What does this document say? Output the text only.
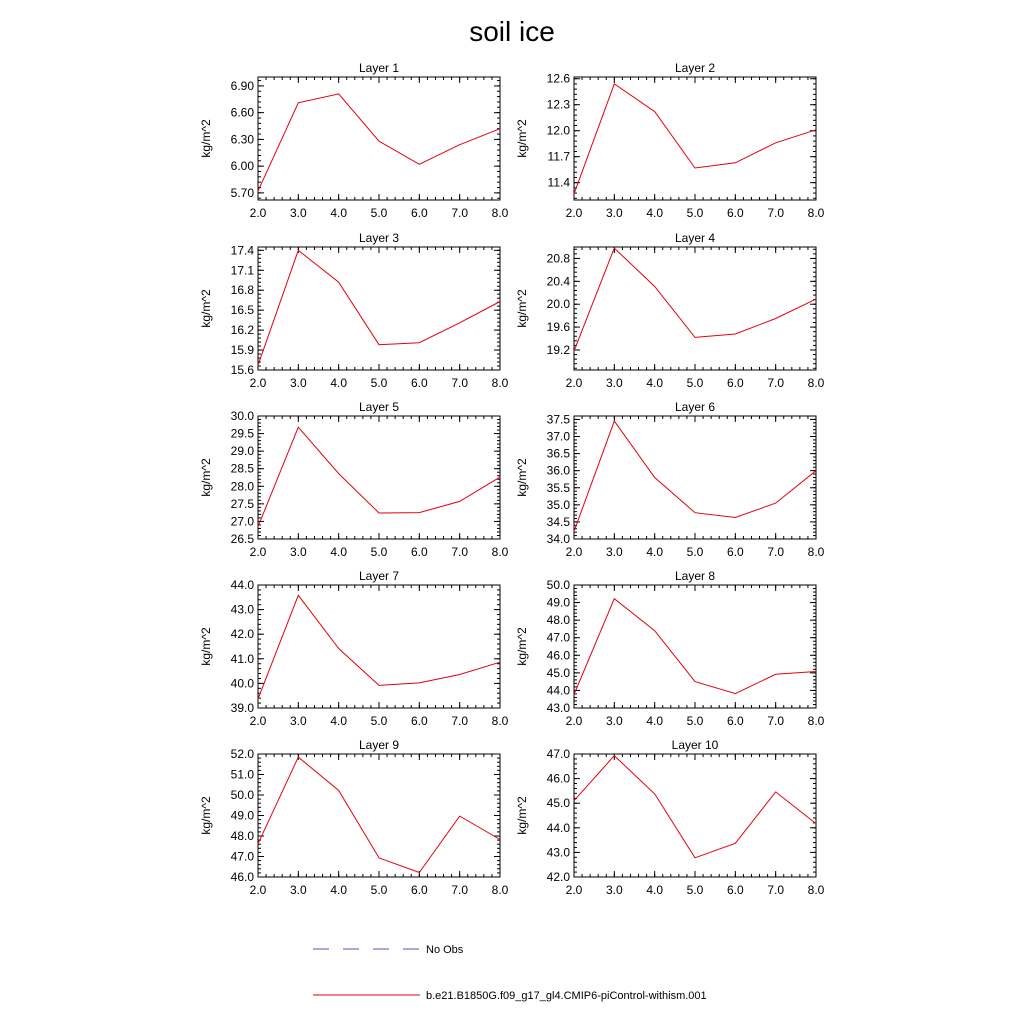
soil ice
Layer 1
kg/m^2
2.0 3.0 4.0 5.0 6.0 7.0 8.0
5.70
6.00
6.30
6.60
6.90
Layer 2
kg/m^2
2.0 3.0 4.0 5.0 6.0 7.0 8.0
11.4
11.7
12.0
12.3
12.6
Layer 3
kg/m^2
2.0 3.0 4.0 5.0 6.0 7.0 8.0
15.6
15.9
16.2
16.5
16.8
17.1
17.4
Layer 4
kg/m^2
2.0 3.0 4.0 5.0 6.0 7.0 8.0
19.2
19.6
20.0
20.4
20.8
Layer 5
kg/m^2
2.0 3.0 4.0 5.0 6.0 7.0 8.0
26.5
27.0
27.5
28.0
28.5
29.0
29.5
30.0
Layer 6
kg/m^2
2.0 3.0 4.0 5.0 6.0 7.0 8.0
34.0
34.5
35.0
35.5
36.0
36.5
37.0
37.5
Layer 7
kg/m^2
2.0 3.0 4.0 5.0 6.0 7.0 8.0
39.0
40.0
41.0
42.0
43.0
44.0
Layer 8
kg/m^2
2.0 3.0 4.0 5.0 6.0 7.0 8.0
43.0
44.0
45.0
46.0
47.0
48.0
49.0
50.0
Layer 9
kg/m^2
2.0 3.0 4.0 5.0 6.0 7.0 8.0
46.0
47.0
48.0
49.0
50.0
51.0
52.0
Layer 10
kg/m^2
2.0 3.0 4.0 5.0 6.0 7.0 8.0
42.0
43.0
44.0
45.0
46.0
47.0
No Obs
b.e21.B1850G.f09_g17_gl4.CMIP6-piControl-withism.001
